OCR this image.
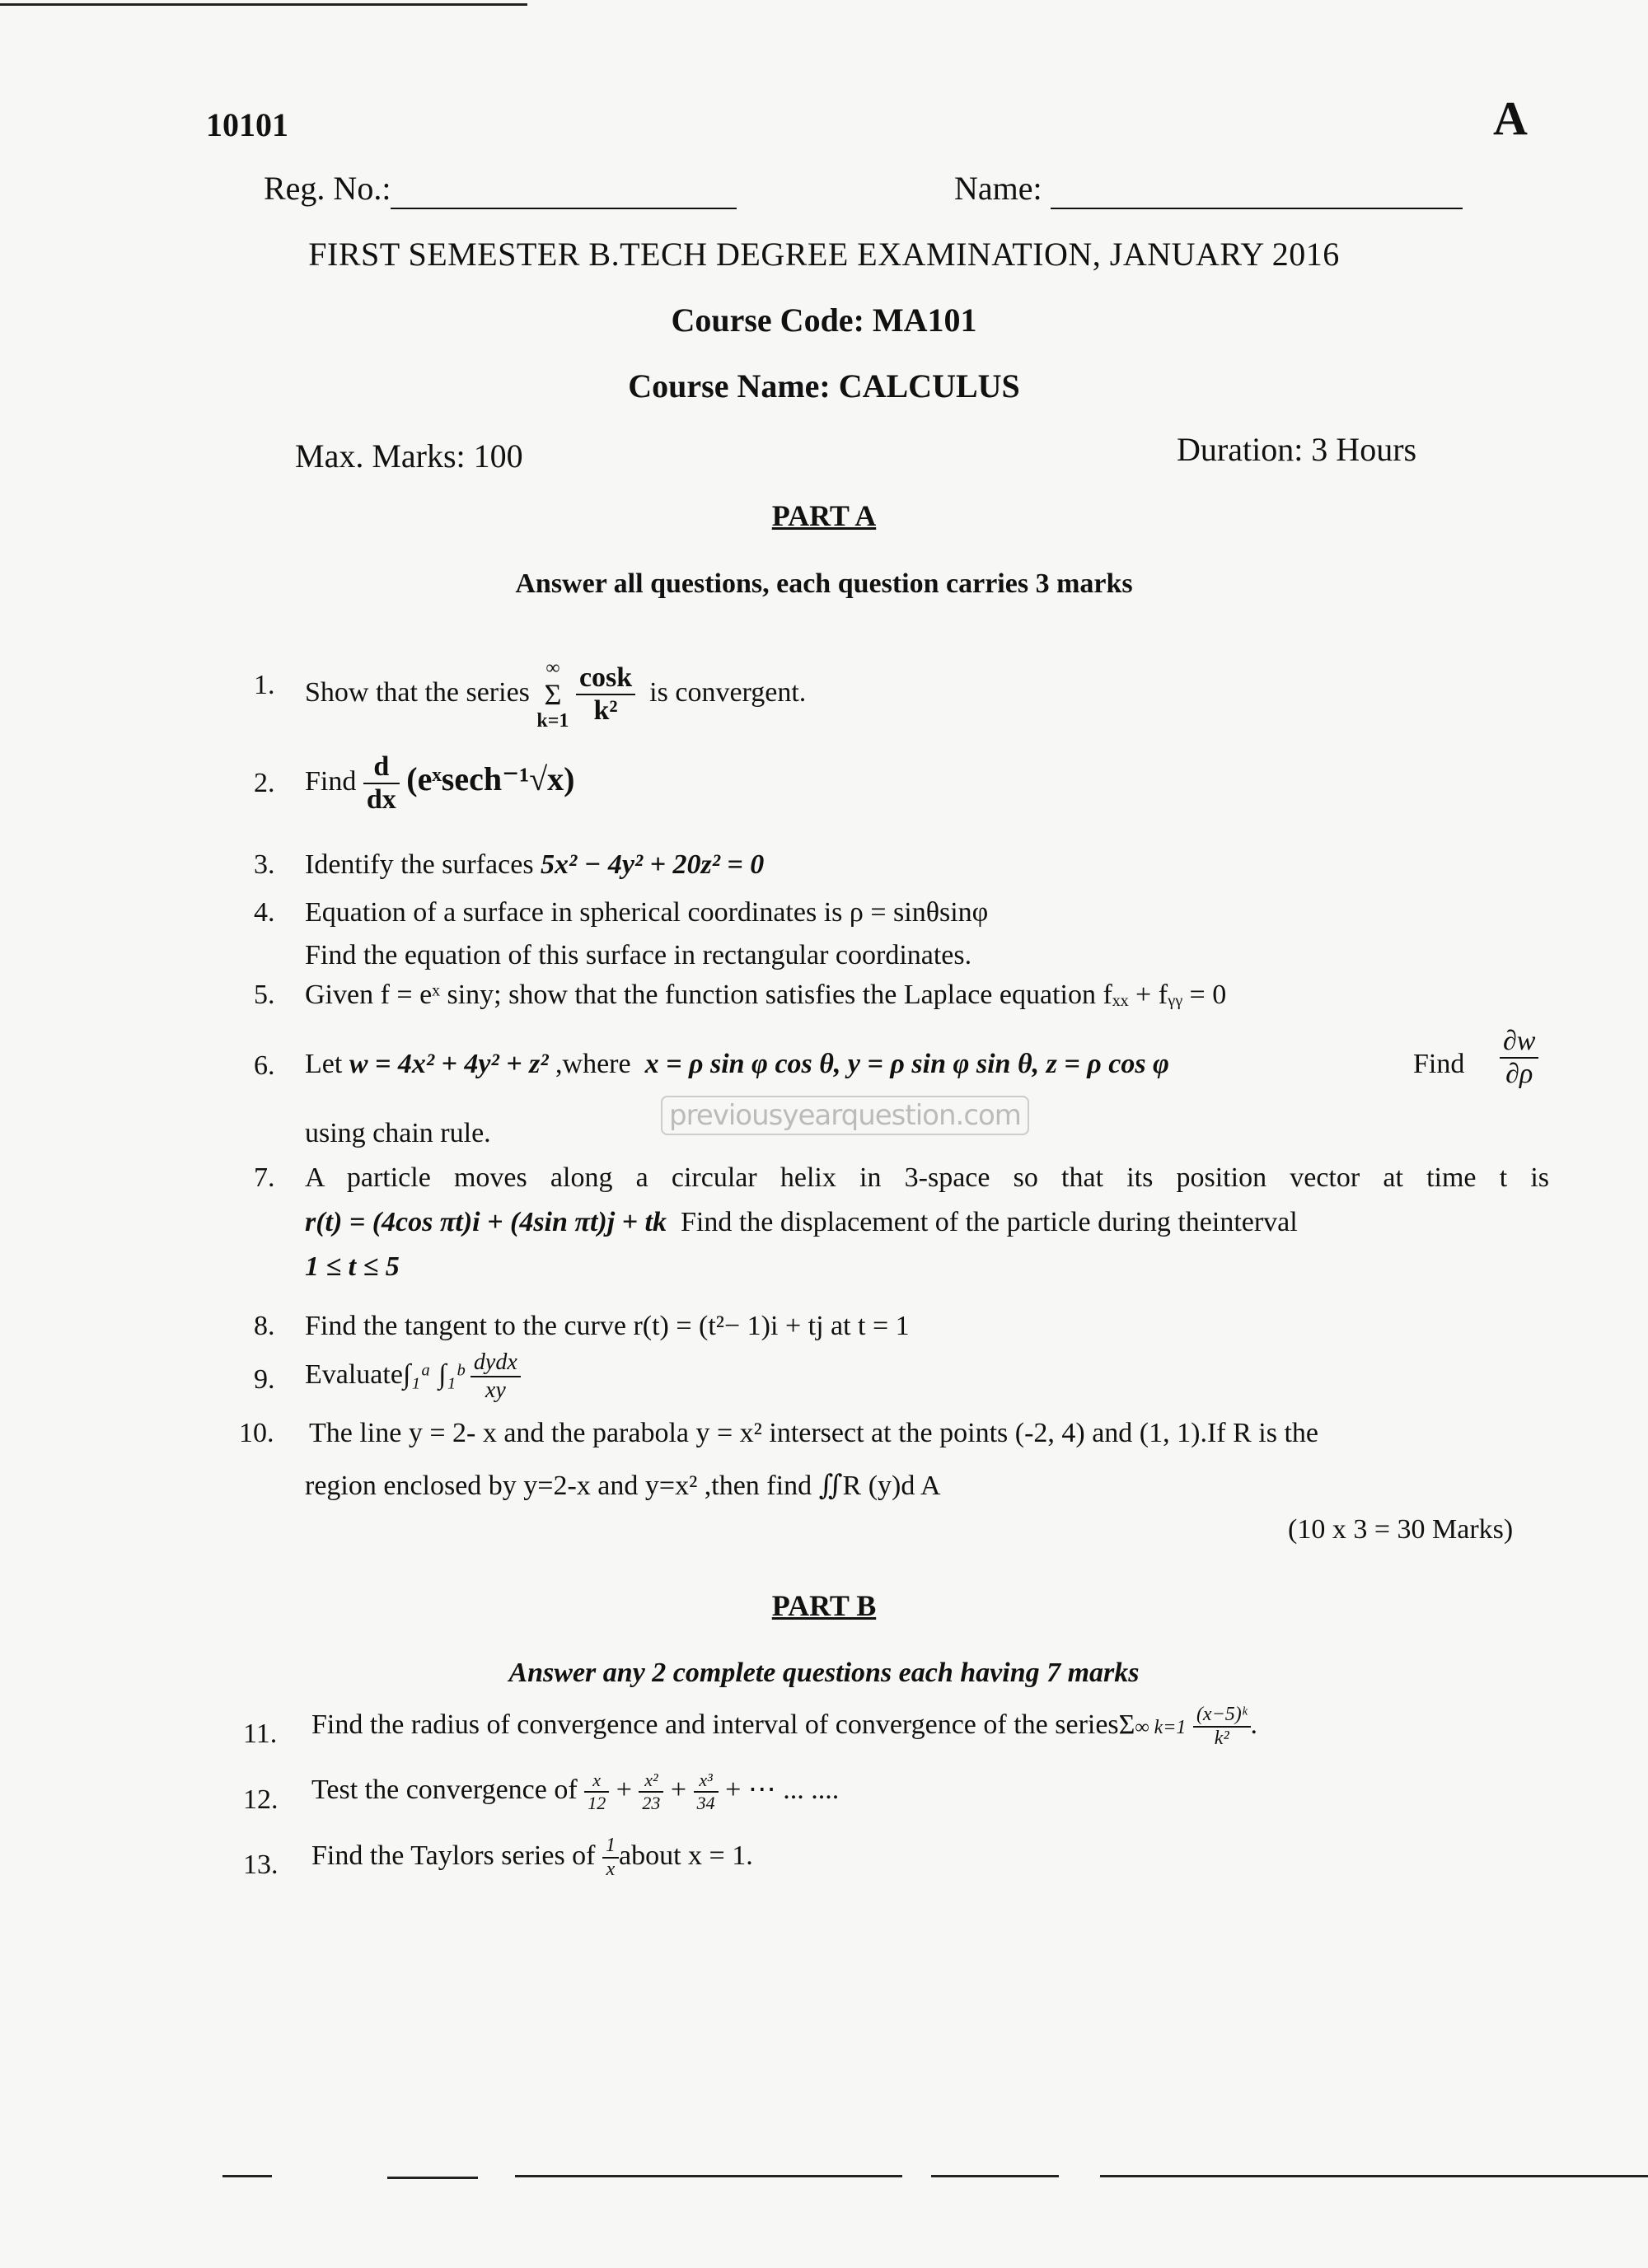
10101	A
Reg. No.:	Name:
FIRST SEMESTER B.TECH DEGREE EXAMINATION, JANUARY 2016
Course Code: MA101
Course Name: CALCULUS
Max. Marks: 100	Duration: 3 Hours
PART A
Answer all questions, each question carries 3 marks
1. Show that the series
∞
Σ
k=1
$\frac{\cos k}{\text{k²}}$ is convergent.
2. Find $\frac{d}{dx}$ (eˣsech⁻¹√x)
3. Identify the surfaces 5x² − 4y² + 20z² = 0
4. Equation of a surface in spherical coordinates is ρ = sinθsinφ
Find the equation of this surface in rectangular coordinates.
5. Given f = eˣ siny; show that the function satisfies the Laplace equation fₓₓ + fᵧᵧ = 0
6. Let w = 4x² + 4y² + z² ,where x = ρ sin φ cos θ, y = ρ sin φ sin θ, z = ρ cos φ	Find $\frac{\partial w}{\partial\rho}$
using chain rule.
previousyearquestion.com
7. A particle moves along a circular helix in 3-space so that its position vector at time t is
r(t) = (4cos πt)i + (4sin πt)j + tk Find the displacement of the particle during theinterval
1 ≤ t ≤ 5
8. Find the tangent to the curve r(t) = (t²− 1)i + tj at t = 1
9. Evaluate∫₁ᵃ ∫₁ᵇ $\frac{\text{dydx}}{xy}$
10. The line y = 2- x and the parabola y = x² intersect at the points (-2, 4) and (1, 1).If R is the
region enclosed by y=2-x and y=x² ,then find ∬R (y)d A
(10 x 3 = 30 Marks)
PART B
Answer any 2 complete questions each having 7 marks
11. Find the radius of convergence and interval of convergence of the seriesΣ∞ $k=1 \frac{\text{(x−5)ᵏ}}{\text{k²}}$ .
12. Test the convergence of $\frac{x}{12} + \frac{\text{x²}}{23} + \frac{\text{x³}}{34}$ + ⋯ ... ....
13. Find the Taylors series of $\frac{1}{x}$ about x = 1.
